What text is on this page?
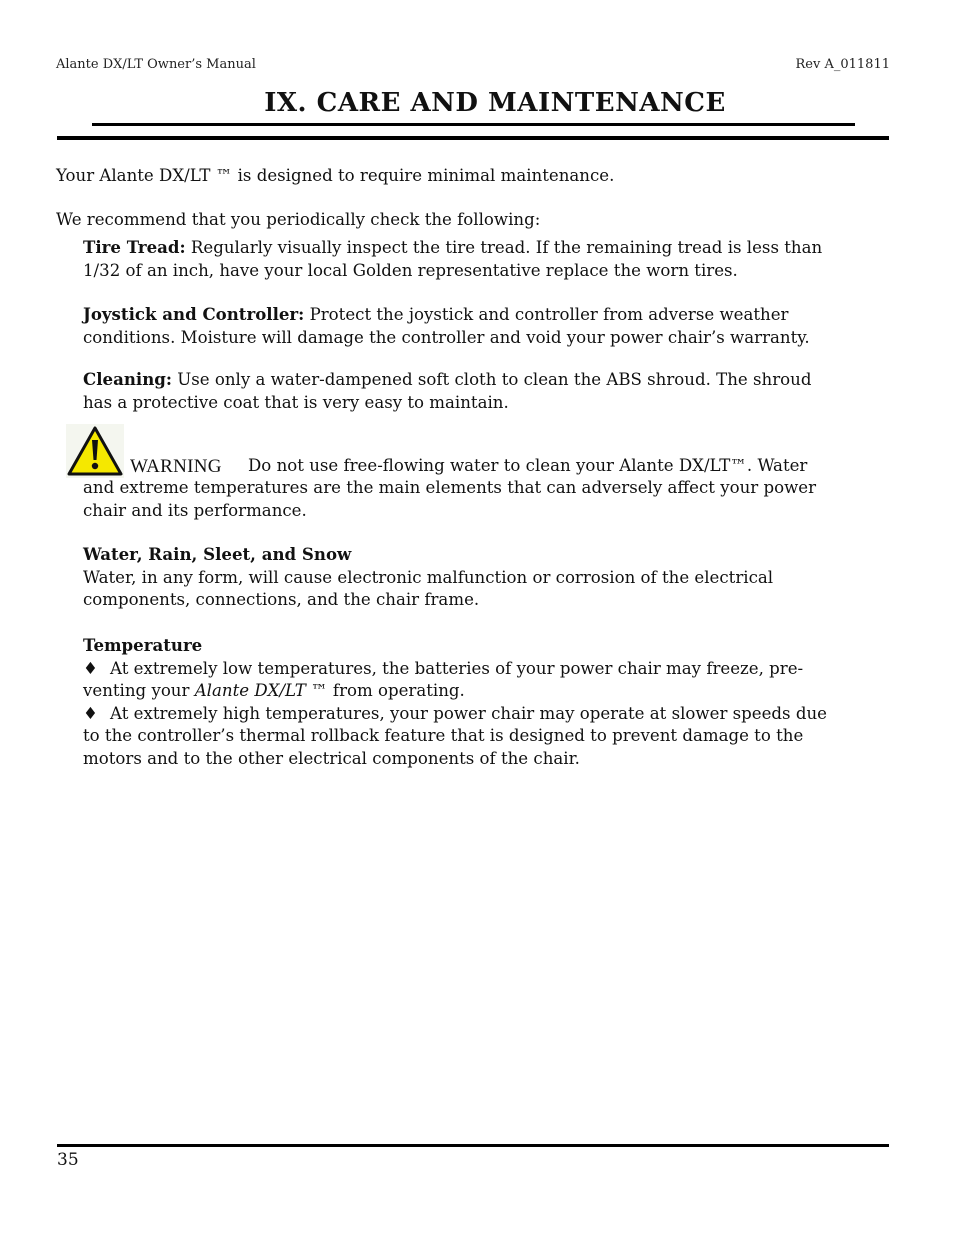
Alante DX/LT Owner’s Manual	Rev A_011811
IX. CARE AND MAINTENANCE

Your Alante DX/LT ™ is designed to require minimal maintenance.

We recommend that you periodically check the following:

Tire Tread: Regularly visually inspect the tire tread. If the remaining tread is less than
1/32 of an inch, have your local Golden representative replace the worn tires.

Joystick and Controller: Protect the joystick and controller from adverse weather
conditions. Moisture will damage the controller and void your power chair’s warranty.

Cleaning: Use only a water-dampened soft cloth to clean the ABS shroud. The shroud
has a protective coat that is very easy to maintain.

WARNING Do not use free-flowing water to clean your Alante DX/LT™. Water

and extreme temperatures are the main elements that can adversely affect your power
chair and its performance.

Water, Rain, Sleet, and Snow
Water, in any form, will cause electronic malfunction or corrosion of the electrical
components, connections, and the chair frame.

Temperature
♦ At extremely low temperatures, the batteries of your power chair may freeze, pre-
venting your Alante DX/LT ™ from operating.
♦ At extremely high temperatures, your power chair may operate at slower speeds due
to the controller’s thermal rollback feature that is designed to prevent damage to the
motors and to the other electrical components of the chair.

35
